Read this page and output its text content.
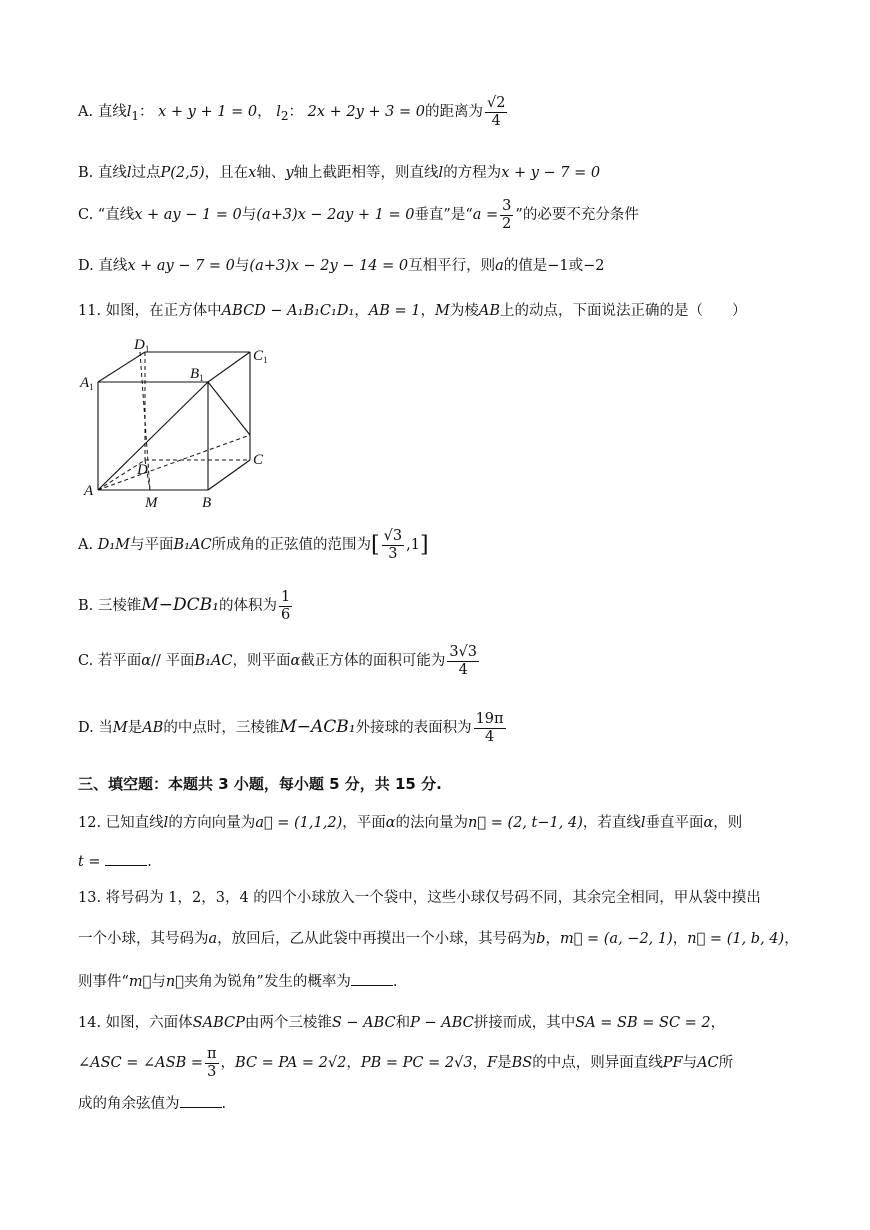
A. 直线$l_1$： x + y + 1 = 0， $l_2$： 2x + 2y + 3 = 0的距离为 $\frac{√2}{4}$
B. 直线l过点P(2,5)，且在x轴、y轴上截距相等，则直线l的方程为x + y − 7 = 0
C. “直线x + ay − 1 = 0与(a+3)x − 2ay + 1 = 0垂直”是“$a = \frac{3}{2}$ ”的必要不充分条件
D. 直线x + ay − 7 = 0与(a+3)x − 2y − 14 = 0互相平行，则a的值是−1或−2
11. 如图，在正方体中ABCD − A₁B₁C₁D₁，AB = 1，M为棱AB上的动点，下面说法正确的是（　　）
$D_1$	$C_1$
$A_1$
$B_1$
D
C
A
M	B
A. D₁M与平面B₁AC所成角的正弦值的范围为[ $\frac{√3}{3} ,1$]
B. 三棱锥M−DCB₁的体积为 $\frac{1}{6}$
C. 若平面α// 平面B₁AC，则平面α截正方体的面积可能为 $\frac{3√3}{4}$
D. 当M是AB的中点时，三棱锥M−ACB₁外接球的表面积为 $\frac{19\pi}{4}$
三、填空题：本题共 3 小题，每小题 5 分，共 15 分.
12. 已知直线l的方向向量为a⃗ = (1,1,2)，平面α的法向量为n⃗ = (2, t−1, 4)，若直线l垂直平面α，则
t =	.
13. 将号码为 1，2，3，4 的四个小球放入一个袋中，这些小球仅号码不同，其余完全相同，甲从袋中摸出
一个小球，其号码为a，放回后，乙从此袋中再摸出一个小球，其号码为b，m⃗ = (a, −2, 1)，n⃗ = (1, b, 4)，
则事件“m⃗与n⃗夹角为锐角”发生的概率为	.
14. 如图，六面体SABCP由两个三棱锥S − ABC和P − ABC拼接而成，其中SA = SB = SC = 2，
∠ASC = ∠ASB = $\frac{\pi}{3}$ ，BC = PA = 2√2，PB = PC = 2√3，F是BS的中点，则异面直线PF与AC所
成的角余弦值为	.
